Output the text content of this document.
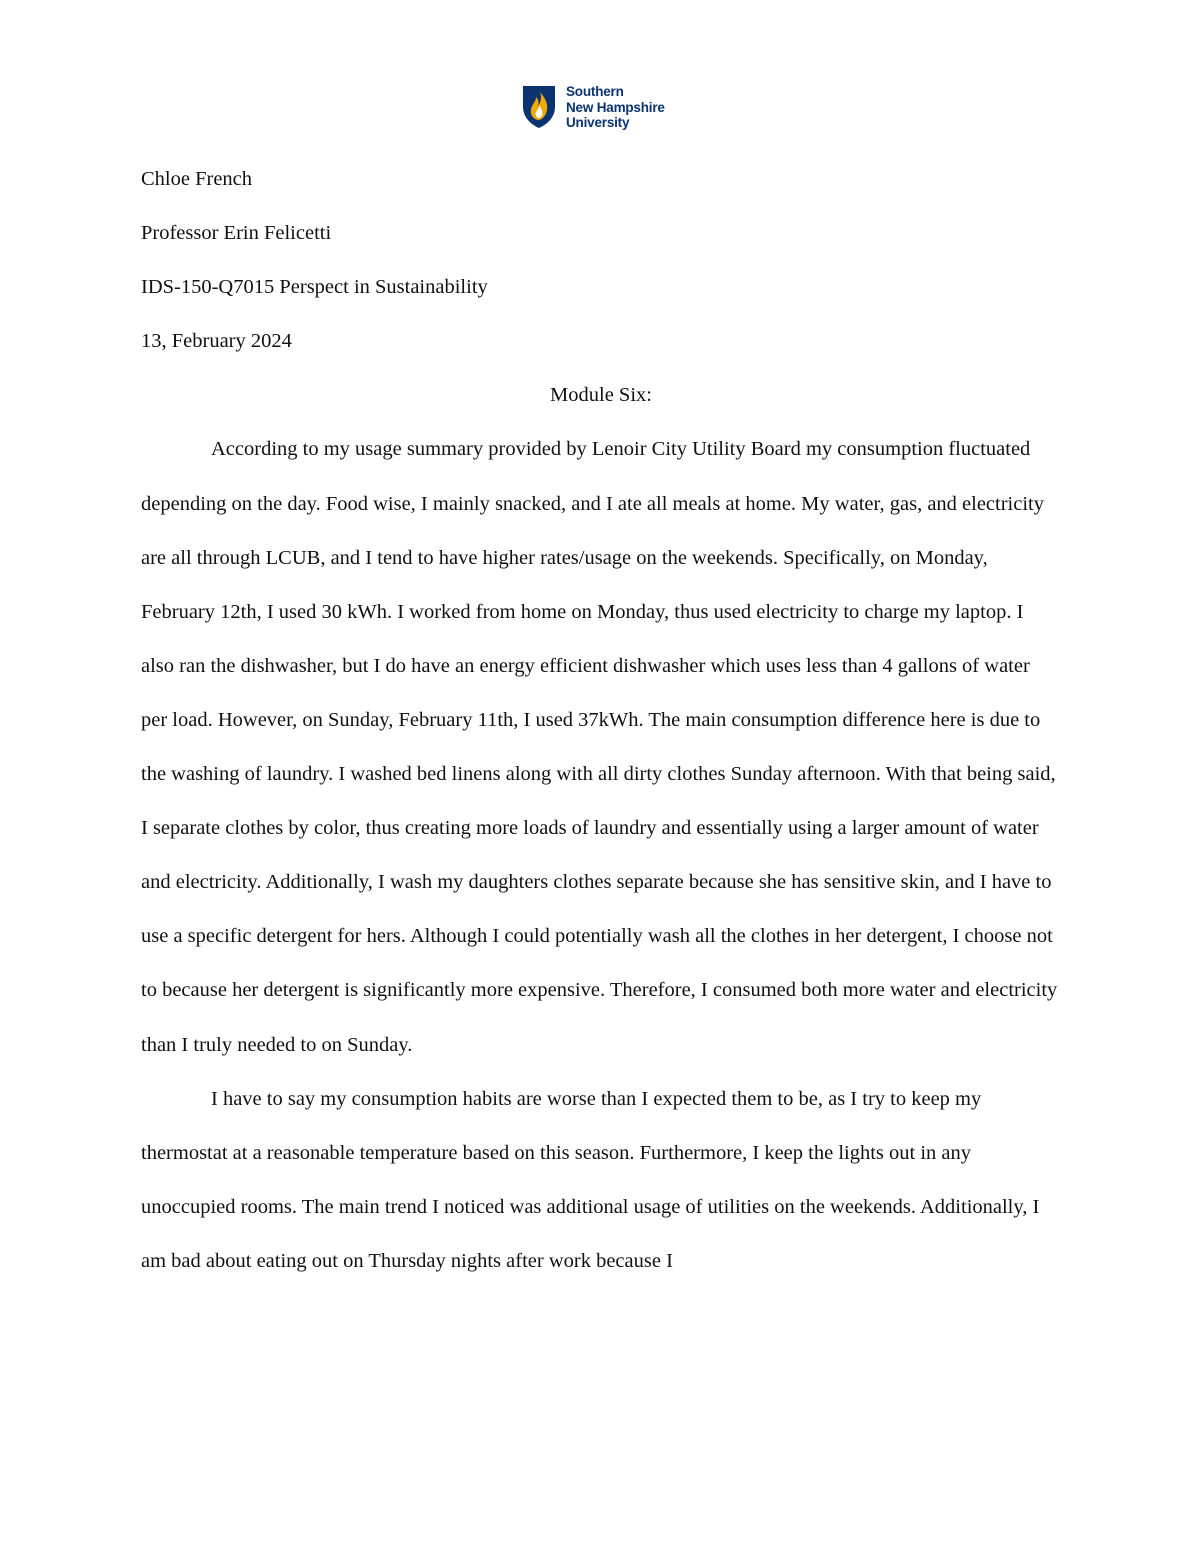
Southern
New Hampshire
University

Chloe French

Professor Erin Felicetti

IDS-150-Q7015 Perspect in Sustainability

13, February 2024

Module Six:

According to my usage summary provided by Lenoir City Utility Board my consumption fluctuated depending on the day. Food wise, I mainly snacked, and I ate all meals at home. My water, gas, and electricity are all through LCUB, and I tend to have higher rates/usage on the weekends. Specifically, on Monday, February 12th, I used 30 kWh. I worked from home on Monday, thus used electricity to charge my laptop. I also ran the dishwasher, but I do have an energy efficient dishwasher which uses less than 4 gallons of water per load. However, on Sunday, February 11th, I used 37kWh. The main consumption difference here is due to the washing of laundry. I washed bed linens along with all dirty clothes Sunday afternoon. With that being said, I separate clothes by color, thus creating more loads of laundry and essentially using a larger amount of water and electricity. Additionally, I wash my daughters clothes separate because she has sensitive skin, and I have to use a specific detergent for hers. Although I could potentially wash all the clothes in her detergent, I choose not to because her detergent is significantly more expensive. Therefore, I consumed both more water and electricity than I truly needed to on Sunday.

I have to say my consumption habits are worse than I expected them to be, as I try to keep my thermostat at a reasonable temperature based on this season. Furthermore, I keep the lights out in any unoccupied rooms. The main trend I noticed was additional usage of utilities on the weekends. Additionally, I am bad about eating out on Thursday nights after work because I
